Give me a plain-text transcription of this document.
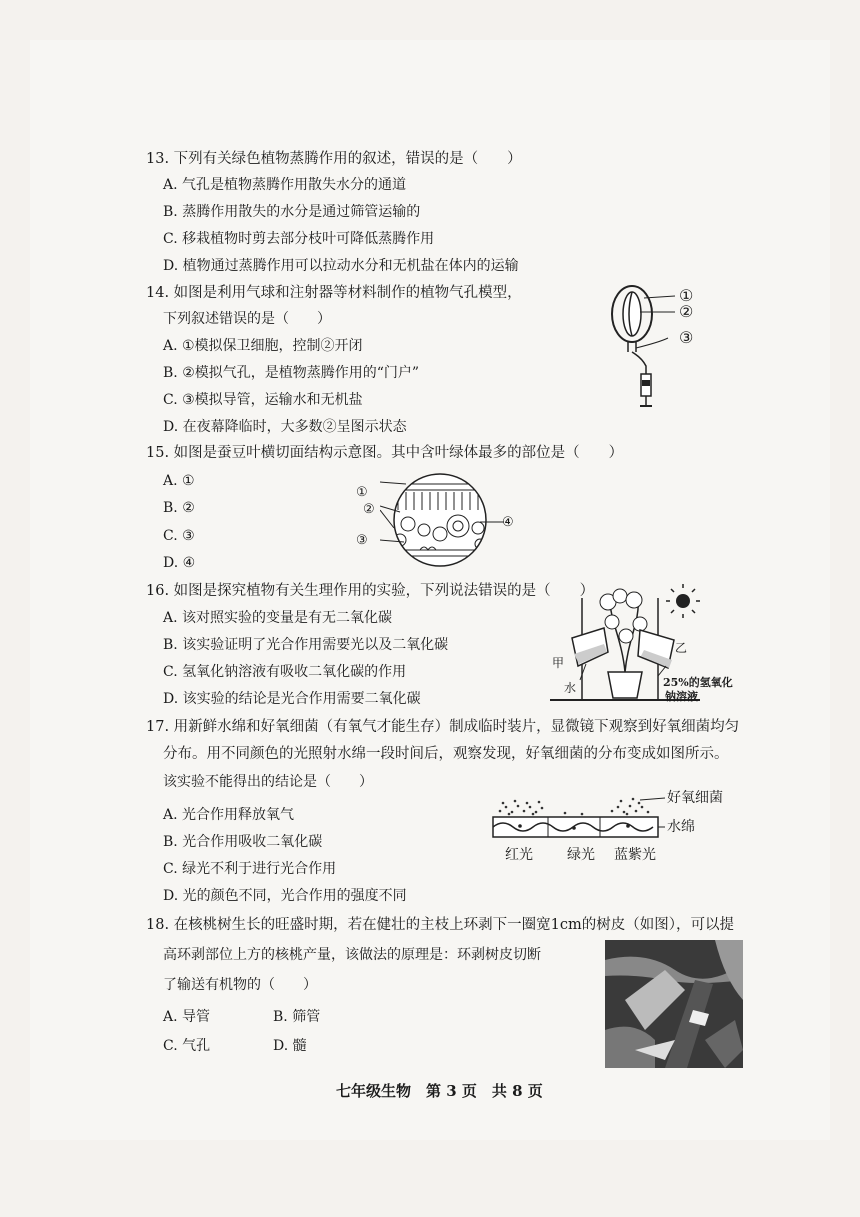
13. 下列有关绿色植物蒸腾作用的叙述，错误的是（　　）
A. 气孔是植物蒸腾作用散失水分的通道
B. 蒸腾作用散失的水分是通过筛管运输的
C. 移栽植物时剪去部分枝叶可降低蒸腾作用
D. 植物通过蒸腾作用可以拉动水分和无机盐在体内的运输
14. 如图是利用气球和注射器等材料制作的植物气孔模型，
下列叙述错误的是（　　）
A. ①模拟保卫细胞，控制②开闭
B. ②模拟气孔，是植物蒸腾作用的“门户”
C. ③模拟导管，运输水和无机盐
D. 在夜幕降临时，大多数②呈图示状态
①
②
③
15. 如图是蚕豆叶横切面结构示意图。其中含叶绿体最多的部位是（　　）
A. ①
B. ②
C. ③
D. ④
①
②
③
④
16. 如图是探究植物有关生理作用的实验，下列说法错误的是（　　）
A. 该对照实验的变量是有无二氧化碳
B. 该实验证明了光合作用需要光以及二氧化碳
C. 氢氧化钠溶液有吸收二氧化碳的作用
D. 该实验的结论是光合作用需要二氧化碳
甲
乙
水	25%的氢氧化
钠溶液
17. 用新鲜水绵和好氧细菌（有氧气才能生存）制成临时装片，显微镜下观察到好氧细菌均匀
分布。用不同颜色的光照射水绵一段时间后，观察发现，好氧细菌的分布变成如图所示。
该实验不能得出的结论是（　　）
A. 光合作用释放氧气
B. 光合作用吸收二氧化碳
C. 绿光不利于进行光合作用
D. 光的颜色不同，光合作用的强度不同
好氧细菌
水绵
红光 绿光 蓝紫光
18. 在核桃树生长的旺盛时期，若在健壮的主枝上环剥下一圈宽1cm的树皮（如图），可以提
高环剥部位上方的核桃产量，该做法的原理是：环剥树皮切断
了输送有机物的（　　）
A. 导管	B. 筛管
C. 气孔	D. 髓
七年级生物　第 3 页　共 8 页
